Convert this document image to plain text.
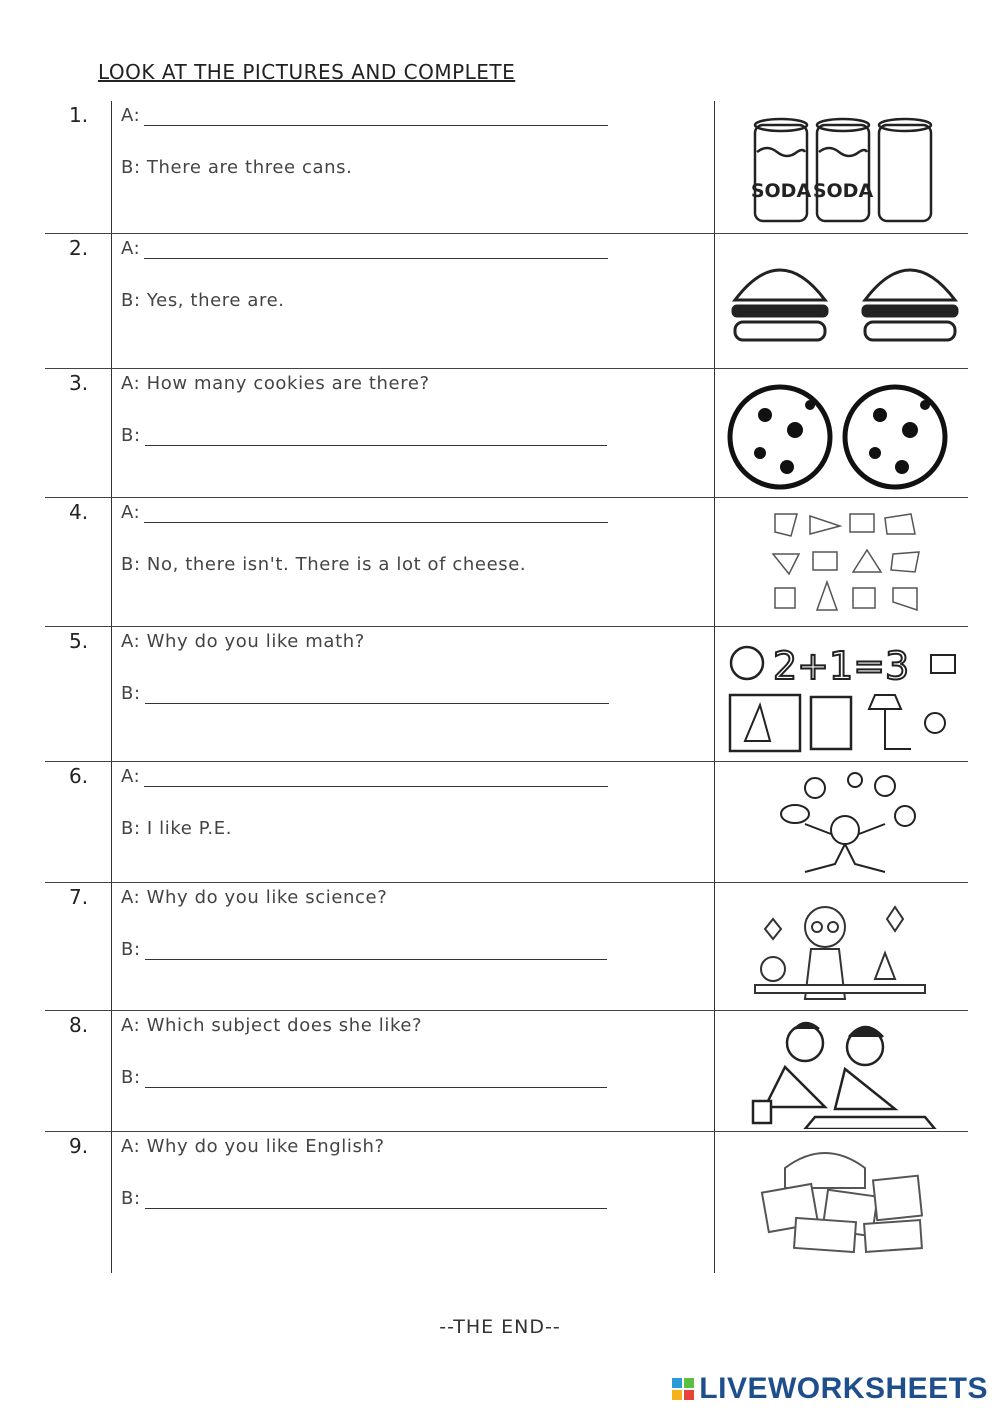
LOOK AT THE PICTURES AND COMPLETE
1. A:
B: There are three cans.
SODA SODA
2. A:
B: Yes, there are.
3. A: How many cookies are there?
B:
4. A:
B: No, there isn't. There is a lot of cheese.
5. A: Why do you like math?
B:
2+1=3
6. A:
B: I like P.E.
7. A: Why do you like science?
B:
8. A: Which subject does she like?
B:
9. A: Why do you like English?
B:
--THE END--
LIVEWORKSHEETS
